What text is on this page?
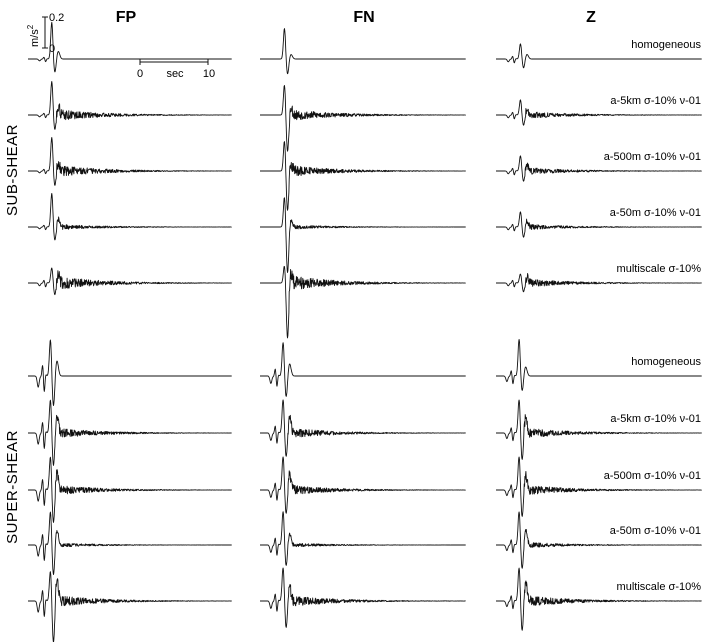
FP	FN	Z
SUB-SHEAR
SUPER-SHEAR
0.2
0
$m/s^2$
0 sec 10
homogeneous
a-5km σ-10% ν-01
a-500m σ-10% ν-01
a-50m σ-10% ν-01
multiscale σ-10%
homogeneous
a-5km σ-10% ν-01
a-500m σ-10% ν-01
a-50m σ-10% ν-01
multiscale σ-10%
